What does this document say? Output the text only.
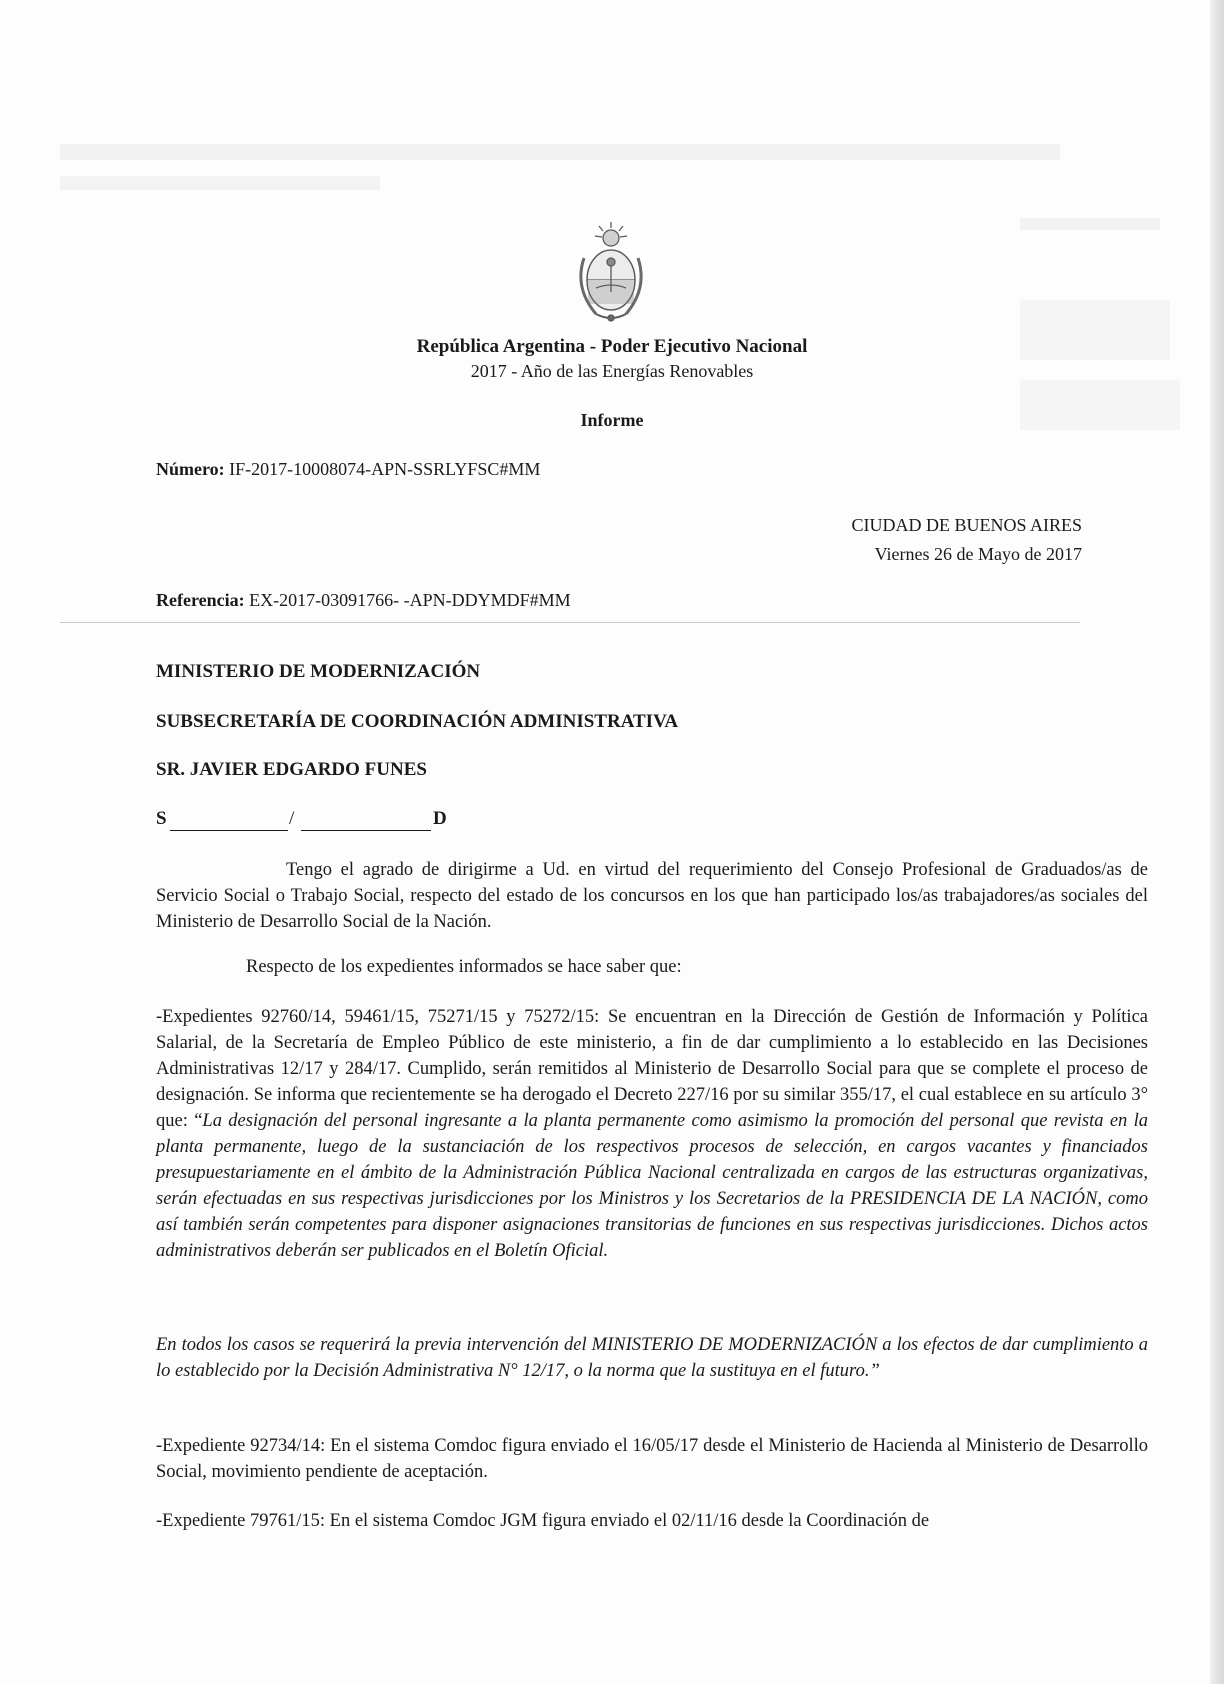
República Argentina - Poder Ejecutivo Nacional
2017 - Año de las Energías Renovables
Informe
Número: IF-2017-10008074-APN-SSRLYFSC#MM
CIUDAD DE BUENOS AIRES
Viernes 26 de Mayo de 2017
Referencia: EX-2017-03091766- -APN-DDYMDF#MM
MINISTERIO DE MODERNIZACIÓN
SUBSECRETARÍA DE COORDINACIÓN ADMINISTRATIVA
SR. JAVIER EDGARDO FUNES
S	/	D
Tengo el agrado de dirigirme a Ud. en virtud del requerimiento del Consejo Profesional de Graduados/as de Servicio Social o Trabajo Social, respecto del estado de los concursos en los que han participado los/as trabajadores/as sociales del Ministerio de Desarrollo Social de la Nación.
Respecto de los expedientes informados se hace saber que:
-Expedientes 92760/14, 59461/15, 75271/15 y 75272/15: Se encuentran en la Dirección de Gestión de Información y Política Salarial, de la Secretaría de Empleo Público de este ministerio, a fin de dar cumplimiento a lo establecido en las Decisiones Administrativas 12/17 y 284/17. Cumplido, serán remitidos al Ministerio de Desarrollo Social para que se complete el proceso de designación. Se informa que recientemente se ha derogado el Decreto 227/16 por su similar 355/17, el cual establece en su artículo 3° que: “La designación del personal ingresante a la planta permanente como asimismo la promoción del personal que revista en la planta permanente, luego de la sustanciación de los respectivos procesos de selección, en cargos vacantes y financiados presupuestariamente en el ámbito de la Administración Pública Nacional centralizada en cargos de las estructuras organizativas, serán efectuadas en sus respectivas jurisdicciones por los Ministros y los Secretarios de la PRESIDENCIA DE LA NACIÓN, como así también serán competentes para disponer asignaciones transitorias de funciones en sus respectivas jurisdicciones. Dichos actos administrativos deberán ser publicados en el Boletín Oficial.
En todos los casos se requerirá la previa intervención del MINISTERIO DE MODERNIZACIÓN a los efectos de dar cumplimiento a lo establecido por la Decisión Administrativa N° 12/17, o la norma que la sustituya en el futuro.”
-Expediente 92734/14: En el sistema Comdoc figura enviado el 16/05/17 desde el Ministerio de Hacienda al Ministerio de Desarrollo Social, movimiento pendiente de aceptación.
-Expediente 79761/15: En el sistema Comdoc JGM figura enviado el 02/11/16 desde la Coordinación de
